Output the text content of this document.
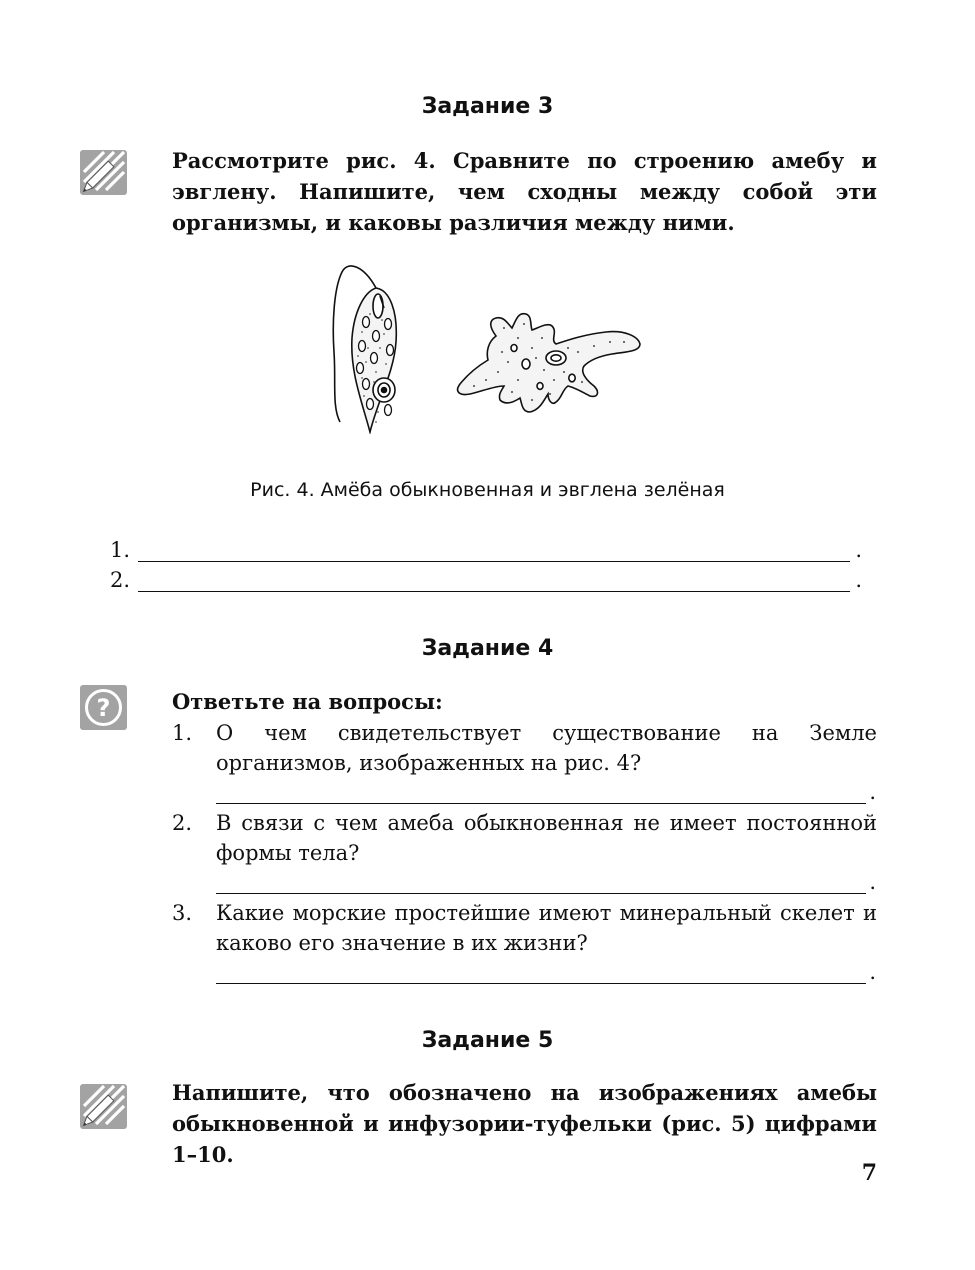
Задание 3
Рассмотрите рис. 4. Сравните по строению амебу и эвглену. Напишите, чем сходны между собой эти организмы, и каковы различия между ними.
Рис. 4. Амёба обыкновенная и эвглена зелёная
1.	.
2.	.
Задание 4
?	Ответьте на вопросы:
1. О чем свидетельствует существование на Земле организмов, изображенных на рис. 4?
.
2. В связи с чем амеба обыкновенная не имеет постоянной формы тела?
.
3. Какие морские простейшие имеют минеральный скелет и каково его значение в их жизни?
.
Задание 5
Напишите, что обозначено на изображениях амебы обыкновенной и инфузории-туфельки (рис. 5) цифрами 1–10.
7
